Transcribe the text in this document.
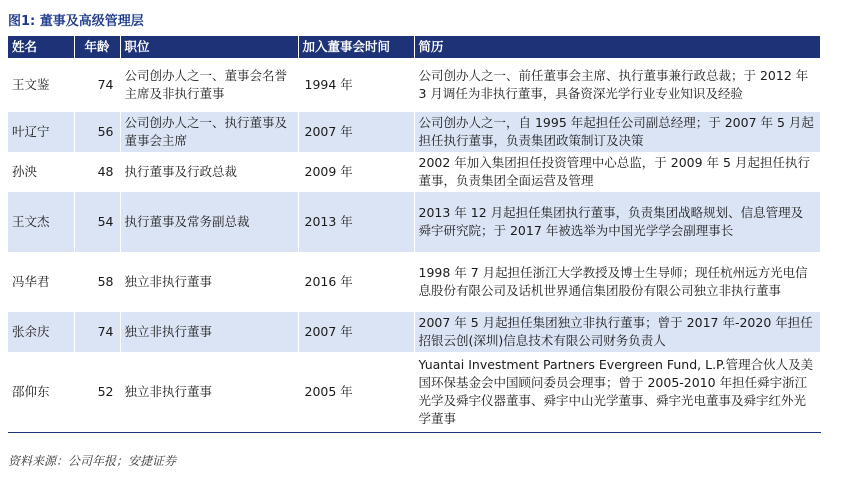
图1: 董事及高级管理层
姓名	年龄	职位	加入董事会时间	简历
王文鉴	74	公司创办人之一、董事会名誉主席及非执行董事	1994 年	公司创办人之一、前任董事会主席、执行董事兼行政总裁；于 2012 年 3 月调任为非执行董事，具备资深光学行业专业知识及经验
叶辽宁	56	公司创办人之一、执行董事及董事会主席	2007 年	公司创办人之一，自 1995 年起担任公司副总经理；于 2007 年 5 月起担任执行董事，负责集团政策制订及决策
孙泱	48	执行董事及行政总裁	2009 年	2002 年加入集团担任投资管理中心总监，于 2009 年 5 月起担任执行董事，负责集团全面运营及管理
王文杰	54	执行董事及常务副总裁	2013 年	2013 年 12 月起担任集团执行董事，负责集团战略规划、信息管理及舜宇研究院；于 2017 年被选举为中国光学学会副理事长
冯华君	58	独立非执行董事	2016 年	1998 年 7 月起担任浙江大学教授及博士生导师；现任杭州远方光电信息股份有限公司及话机世界通信集团股份有限公司独立非执行董事
张余庆	74	独立非执行董事	2007 年	2007 年 5 月起担任集团独立非执行董事；曾于 2017 年-2020 年担任招银云创(深圳)信息技术有限公司财务负责人
邵仰东	52	独立非执行董事	2005 年	Yuantai Investment Partners Evergreen Fund, L.P.管理合伙人及美国环保基金会中国顾问委员会理事；曾于 2005-2010 年担任舜宇浙江光学及舜宇仪器董事、舜宇中山光学董事、舜宇光电董事及舜宇红外光学董事
资料来源：公司年报；安捷证券
